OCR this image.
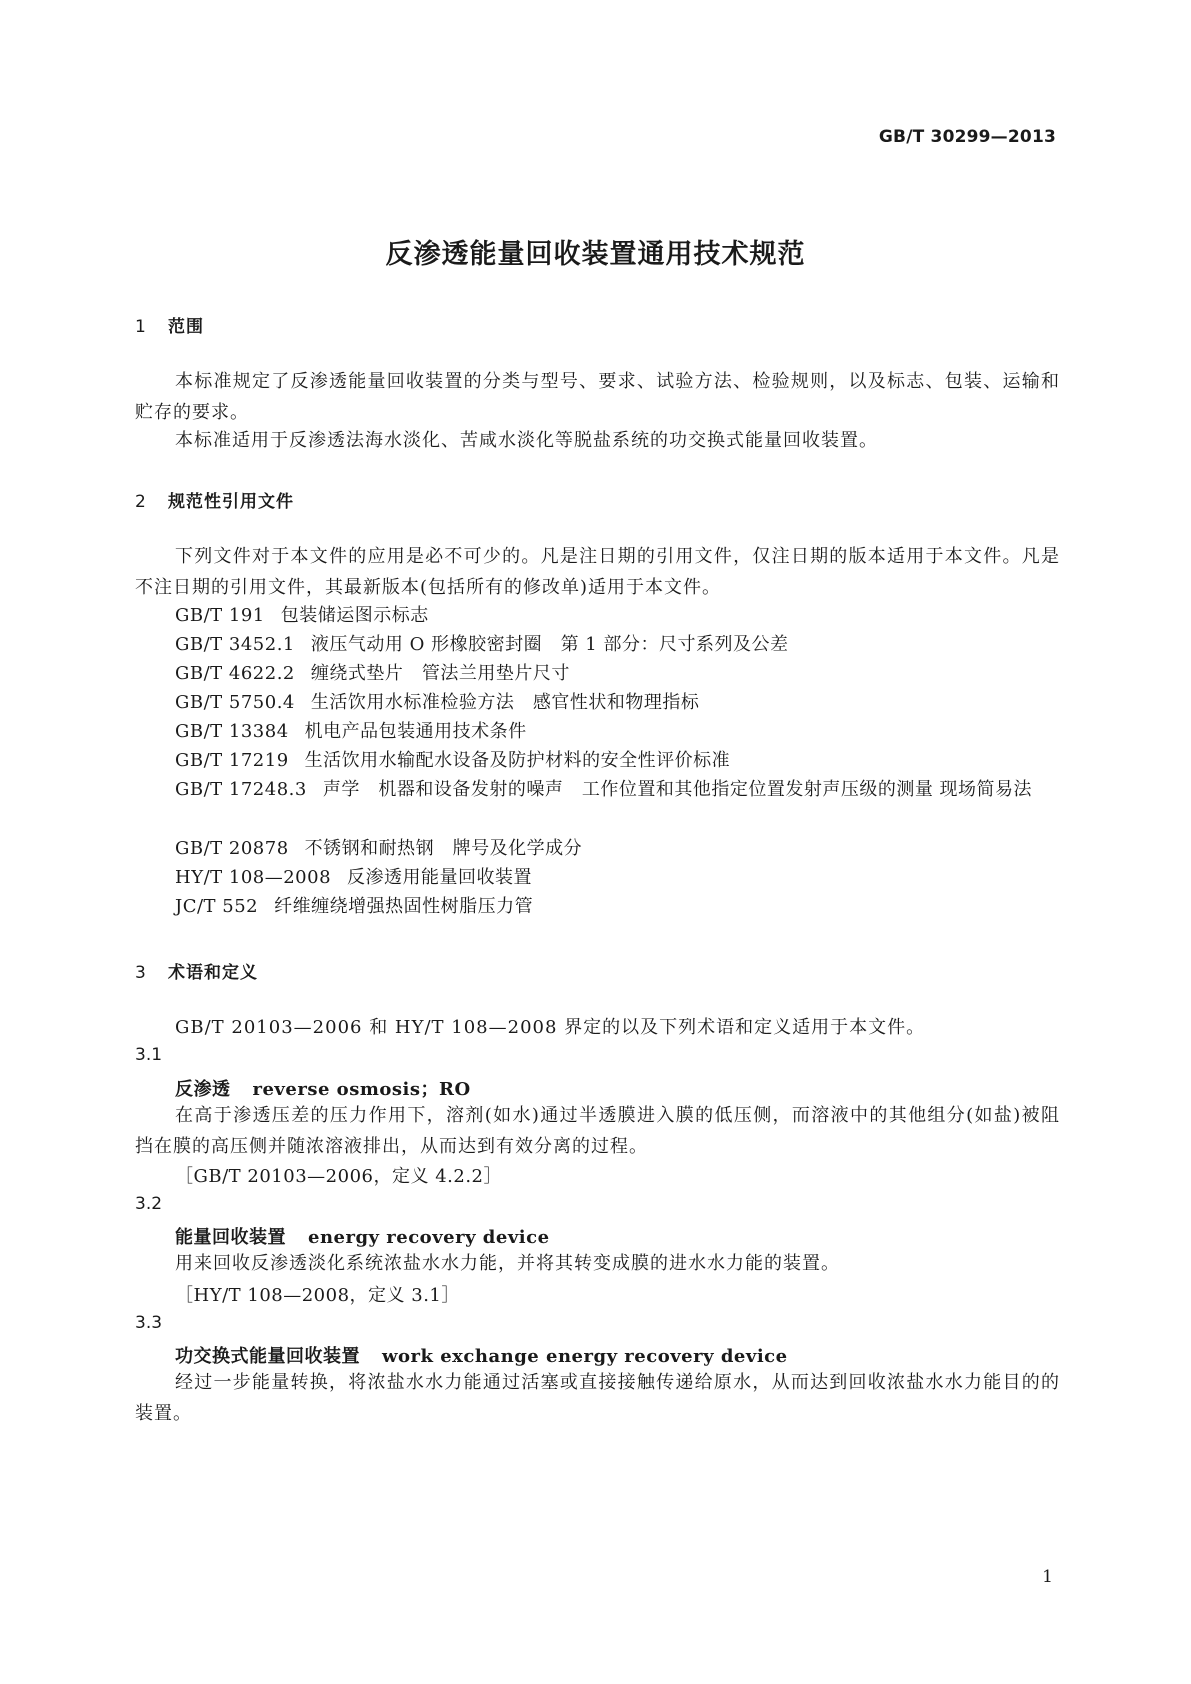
GB/T 30299—2013
反渗透能量回收装置通用技术规范
1 范围
本标准规定了反渗透能量回收装置的分类与型号、要求、试验方法、检验规则，以及标志、包装、运输和贮存的要求。
本标准适用于反渗透法海水淡化、苦咸水淡化等脱盐系统的功交换式能量回收装置。
2 规范性引用文件
下列文件对于本文件的应用是必不可少的。凡是注日期的引用文件，仅注日期的版本适用于本文件。凡是不注日期的引用文件，其最新版本(包括所有的修改单)适用于本文件。
GB/T 191 包装储运图示标志
GB/T 3452.1 液压气动用 O 形橡胶密封圈　第 1 部分：尺寸系列及公差
GB/T 4622.2 缠绕式垫片　管法兰用垫片尺寸
GB/T 5750.4 生活饮用水标准检验方法　感官性状和物理指标
GB/T 13384 机电产品包装通用技术条件
GB/T 17219 生活饮用水输配水设备及防护材料的安全性评价标准
GB/T 17248.3 声学　机器和设备发射的噪声　工作位置和其他指定位置发射声压级的测量 现场简易法
GB/T 20878 不锈钢和耐热钢　牌号及化学成分
HY/T 108—2008 反渗透用能量回收装置
JC/T 552 纤维缠绕增强热固性树脂压力管
3 术语和定义
GB/T 20103—2006 和 HY/T 108—2008 界定的以及下列术语和定义适用于本文件。
3.1
反渗透 reverse osmosis；RO
在高于渗透压差的压力作用下，溶剂(如水)通过半透膜进入膜的低压侧，而溶液中的其他组分(如盐)被阻挡在膜的高压侧并随浓溶液排出，从而达到有效分离的过程。
［GB/T 20103—2006，定义 4.2.2］
3.2
能量回收装置 energy recovery device
用来回收反渗透淡化系统浓盐水水力能，并将其转变成膜的进水水力能的装置。
［HY/T 108—2008，定义 3.1］
3.3
功交换式能量回收装置 work exchange energy recovery device
经过一步能量转换，将浓盐水水力能通过活塞或直接接触传递给原水，从而达到回收浓盐水水力能目的的装置。
1
